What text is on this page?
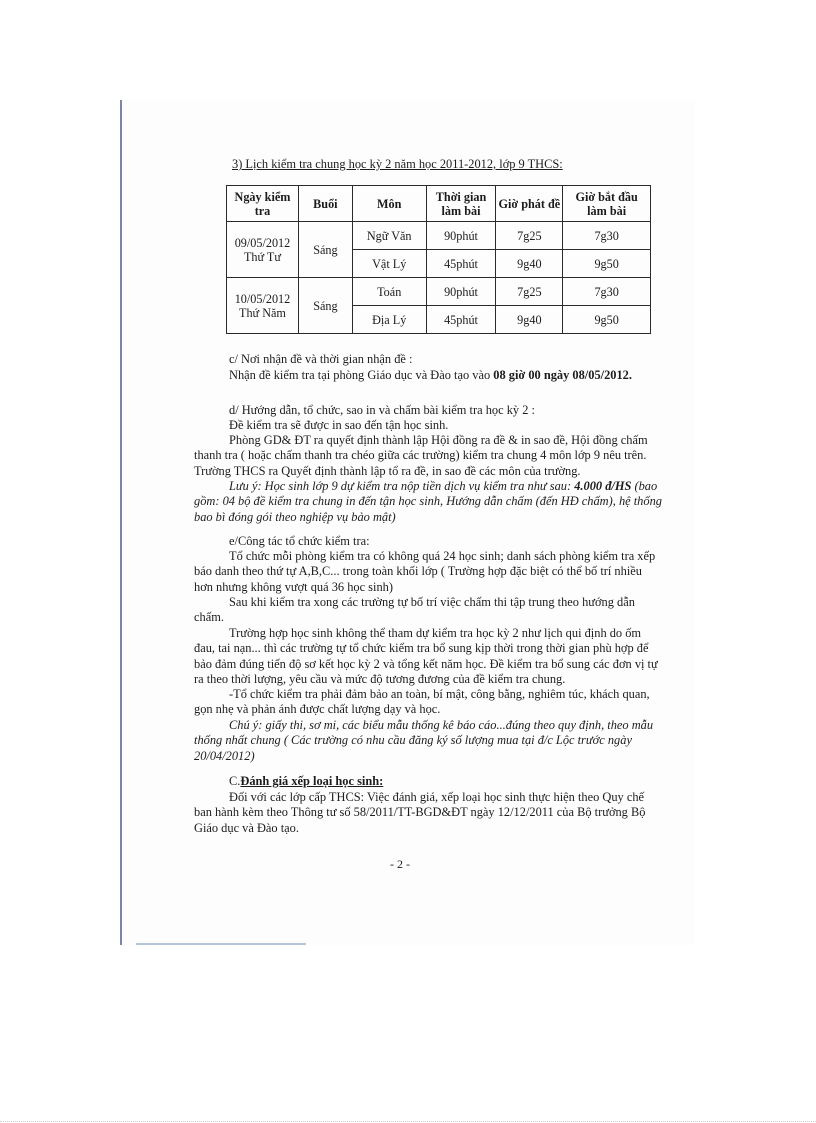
3) Lịch kiểm tra chung học kỳ 2 năm học 2011-2012, lớp 9 THCS:
Ngày kiểm tra	Buổi	Môn	Thời gian làm bài	Giờ phát đề	Giờ bắt đầu làm bài

09/05/2012
Thứ Tư	Sáng	Ngữ Văn	90phút	7g25	7g30
		Vật Lý	45phút	9g40	9g50

10/05/2012
Thứ Năm	Sáng	Toán	90phút	7g25	7g30
		Địa Lý	45phút	9g40	9g50
c/ Nơi nhận đề và thời gian nhận đề :
Nhận đề kiểm tra tại phòng Giáo dục và Đào tạo vào 08 giờ 00 ngày 08/05/2012.
d/ Hướng dẫn, tổ chức, sao in và chấm bài kiểm tra học kỳ 2 :
Đề kiểm tra sẽ được in sao đến tận học sinh.
Phòng GD& ĐT ra quyết định thành lập Hội đồng ra đề & in sao đề, Hội đồng chấm thanh tra ( hoặc chấm thanh tra chéo giữa các trường) kiểm tra chung 4 môn lớp 9 nêu trên. Trường THCS ra Quyết định thành lập tổ ra đề, in sao đề các môn của trường.
Lưu ý: Học sinh lớp 9 dự kiểm tra nộp tiền dịch vụ kiểm tra như sau: 4.000 đ/HS (bao gồm: 04 bộ đề kiểm tra chung in đến tận học sinh, Hướng dẫn chấm (đến HĐ chấm), hệ thống bao bì đóng gói theo nghiệp vụ bảo mật)
e/Công tác tổ chức kiểm tra:
Tổ chức mỗi phòng kiểm tra có không quá 24 học sinh; danh sách phòng kiểm tra xếp báo danh theo thứ tự A,B,C... trong toàn khối lớp ( Trường hợp đặc biệt có thể bố trí nhiều hơn nhưng không vượt quá 36 học sinh)
Sau khi kiểm tra xong các trường tự bố trí việc chấm thi tập trung theo hướng dẫn chấm.
Trường hợp học sinh không thể tham dự kiểm tra học kỳ 2 như lịch qui định do ốm đau, tai nạn... thì các trường tự tổ chức kiểm tra bổ sung kịp thời trong thời gian phù hợp để bảo đảm đúng tiến độ sơ kết học kỳ 2 và tổng kết năm học. Đề kiểm tra bổ sung các đơn vị tự ra theo thời lượng, yêu cầu và mức độ tương đương của đề kiểm tra chung.
-Tổ chức kiểm tra phải đảm bảo an toàn, bí mật, công bằng, nghiêm túc, khách quan, gọn nhẹ và phản ánh được chất lượng dạy và học.
Chú ý: giấy thi, sơ mi, các biểu mẫu thống kê báo cáo...đúng theo quy định, theo mẫu thống nhất chung ( Các trường có nhu cầu đăng ký số lượng mua tại đ/c Lộc trước ngày 20/04/2012)
C.Đánh giá xếp loại học sinh:
Đối với các lớp cấp THCS: Việc đánh giá, xếp loại học sinh thực hiện theo Quy chế ban hành kèm theo Thông tư số 58/2011/TT-BGD&ĐT ngày 12/12/2011 của Bộ trưởng Bộ Giáo dục và Đào tạo.
- 2 -
